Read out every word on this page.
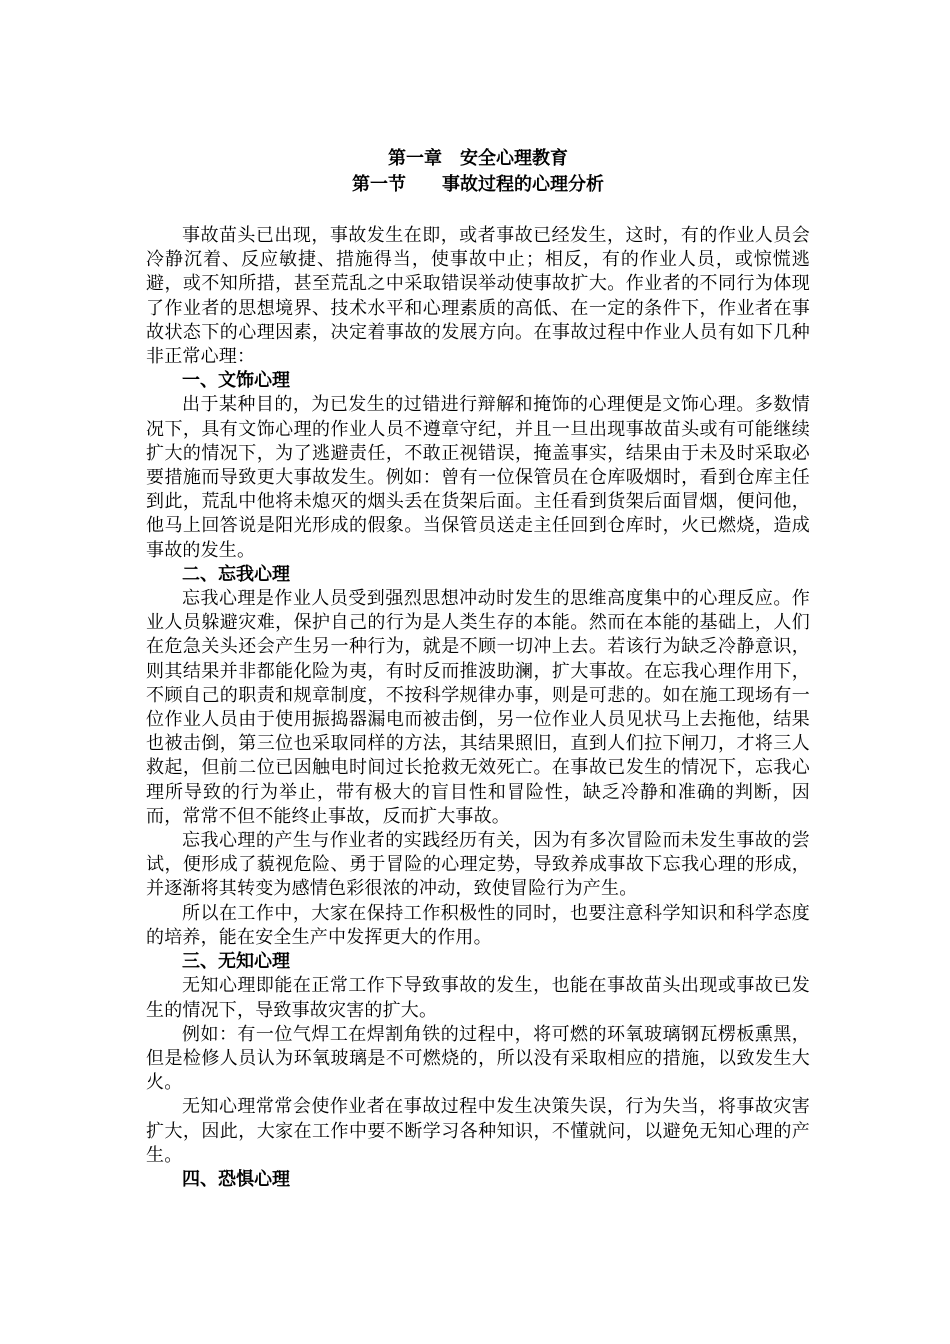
第一章　安全心理教育

第一节　　事故过程的心理分析

事故苗头已出现，事故发生在即，或者事故已经发生，这时，有的作业人员会冷静沉着、反应敏捷、措施得当，使事故中止；相反，有的作业人员，或惊慌逃避，或不知所措，甚至荒乱之中采取错误举动使事故扩大。作业者的不同行为体现了作业者的思想境界、技术水平和心理素质的高低、在一定的条件下，作业者在事故状态下的心理因素，决定着事故的发展方向。在事故过程中作业人员有如下几种非正常心理：

一、文饰心理

出于某种目的，为已发生的过错进行辩解和掩饰的心理便是文饰心理。多数情况下，具有文饰心理的作业人员不遵章守纪，并且一旦出现事故苗头或有可能继续扩大的情况下，为了逃避责任，不敢正视错误，掩盖事实，结果由于未及时采取必要措施而导致更大事故发生。例如：曾有一位保管员在仓库吸烟时，看到仓库主任到此，荒乱中他将未熄灭的烟头丢在货架后面。主任看到货架后面冒烟，便问他，他马上回答说是阳光形成的假象。当保管员送走主任回到仓库时，火已燃烧，造成事故的发生。

二、忘我心理

忘我心理是作业人员受到强烈思想冲动时发生的思维高度集中的心理反应。作业人员躲避灾难，保护自己的行为是人类生存的本能。然而在本能的基础上，人们在危急关头还会产生另一种行为，就是不顾一切冲上去。若该行为缺乏冷静意识，则其结果并非都能化险为夷，有时反而推波助澜，扩大事故。在忘我心理作用下，不顾自己的职责和规章制度，不按科学规律办事，则是可悲的。如在施工现场有一位作业人员由于使用振捣器漏电而被击倒，另一位作业人员见状马上去拖他，结果也被击倒，第三位也采取同样的方法，其结果照旧，直到人们拉下闸刀，才将三人救起，但前二位已因触电时间过长抢救无效死亡。在事故已发生的情况下，忘我心理所导致的行为举止，带有极大的盲目性和冒险性，缺乏冷静和准确的判断，因而，常常不但不能终止事故，反而扩大事故。

忘我心理的产生与作业者的实践经历有关，因为有多次冒险而未发生事故的尝试，便形成了藐视危险、勇于冒险的心理定势，导致养成事故下忘我心理的形成，并逐渐将其转变为感情色彩很浓的冲动，致使冒险行为产生。

所以在工作中，大家在保持工作积极性的同时，也要注意科学知识和科学态度的培养，能在安全生产中发挥更大的作用。

三、无知心理

无知心理即能在正常工作下导致事故的发生，也能在事故苗头出现或事故已发生的情况下，导致事故灾害的扩大。

例如：有一位气焊工在焊割角铁的过程中，将可燃的环氧玻璃钢瓦楞板熏黑，但是检修人员认为环氧玻璃是不可燃烧的，所以没有采取相应的措施，以致发生大火。

无知心理常常会使作业者在事故过程中发生决策失误，行为失当，将事故灾害扩大，因此，大家在工作中要不断学习各种知识，不懂就问，以避免无知心理的产生。

四、恐惧心理
